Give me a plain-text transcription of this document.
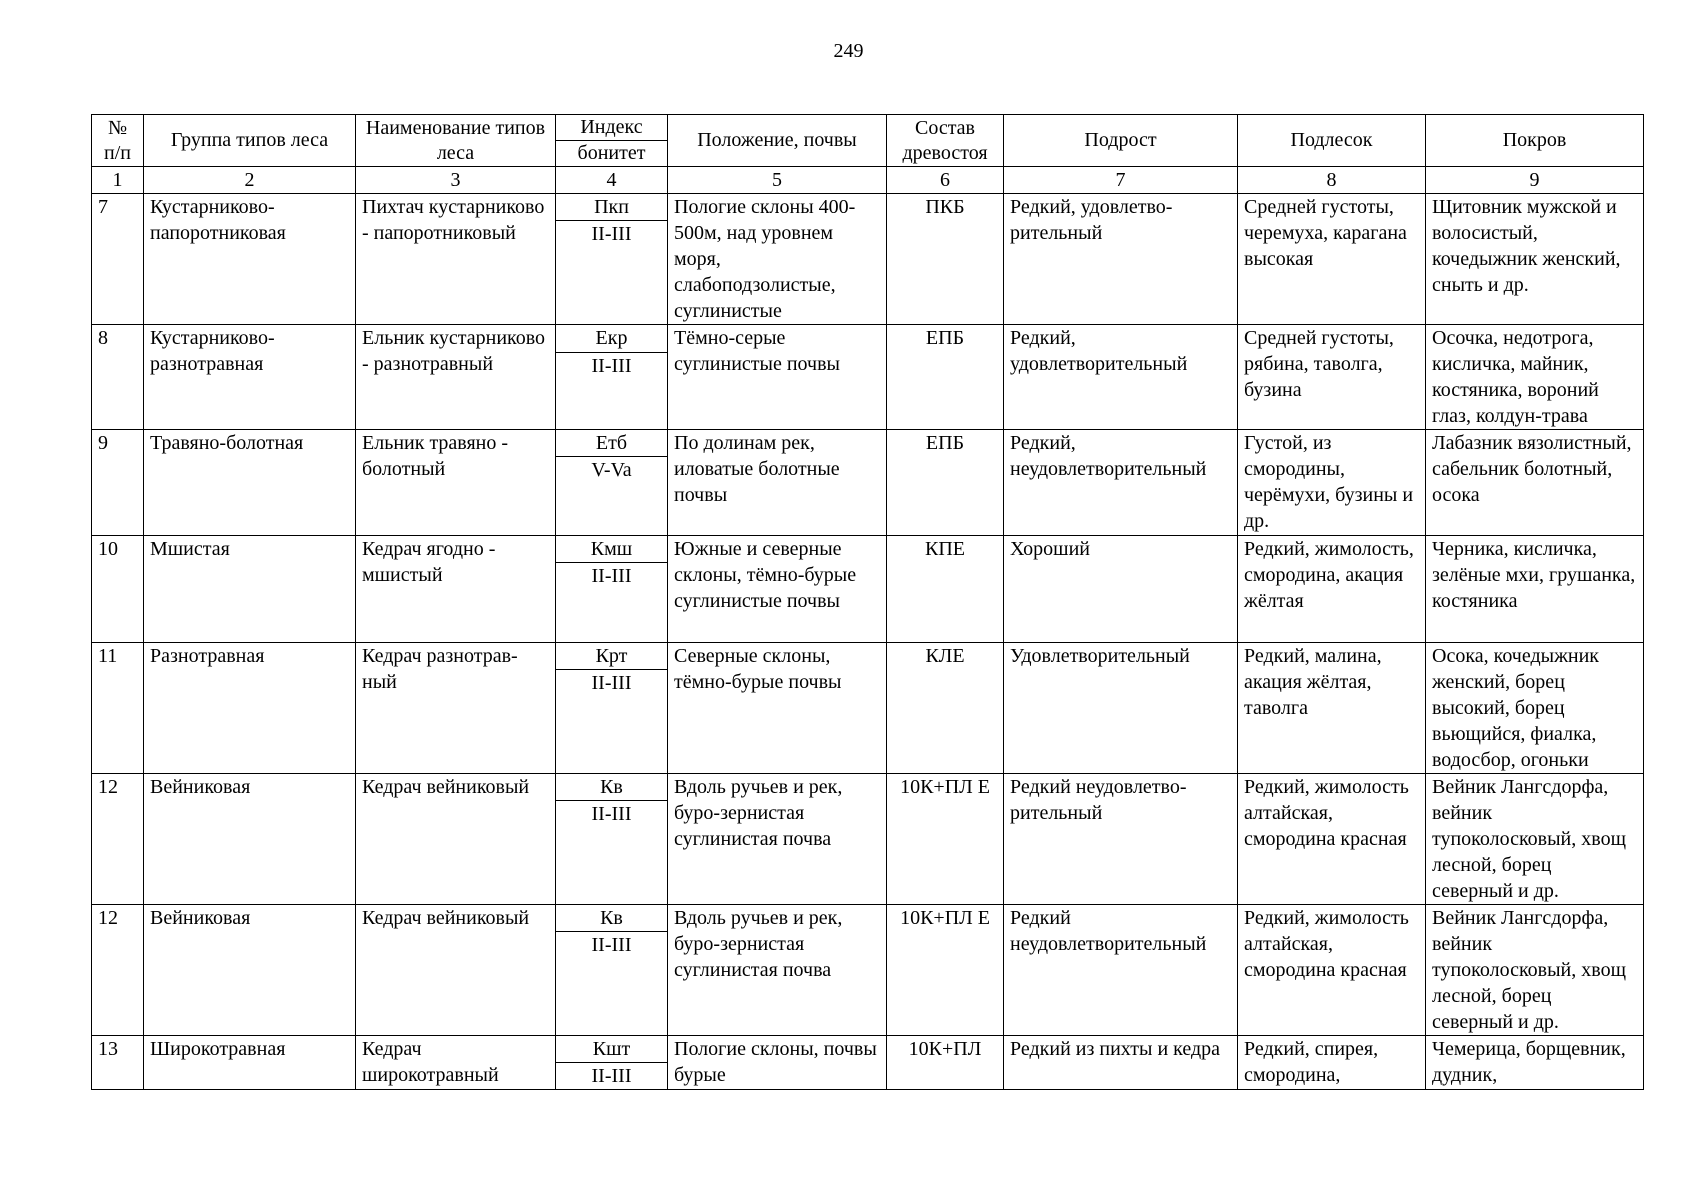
249
№ п/п	Группа типов леса	Наименование типов леса	Индекс	Положение, почвы	Состав древостоя	Подрост	Подлесок	Покров
			бонитет					
1	2	3	4	5	6	7	8	9
7	Кустарниково-папоротниковая	Пихтач кустарниково - папоротниковый	Пкп	Пологие склоны 400-500м, над уровнем моря, слабоподзолистые, суглинистые	ПКБ	Редкий, удовлетво-рительный	Средней густоты, черемуха, карагана высокая	Щитовник мужской и волосистый, кочедыжник женский, сныть и др.
			II-III					
8	Кустарниково-разнотравная	Ельник кустарниково - разнотравный	Екр	Тёмно-серые суглинистые почвы	ЕПБ	Редкий, удовлетворительный	Средней густоты, рябина, таволга, бузина	Осочка, недотрога, кисличка, майник, костяника, вороний глаз, колдун-трава
			II-III					
9	Травяно-болотная	Ельник травяно - болотный	Етб	По долинам рек, иловатые болотные почвы	ЕПБ	Редкий, неудовлетворительный	Густой, из смородины, черёмухи, бузины и др.	Лабазник вязолистный, сабельник болотный, осока
			V-Va					
10	Мшистая	Кедрач ягодно - мшистый	Кмш	Южные и северные склоны, тёмно-бурые суглинистые почвы	КПЕ	Хороший	Редкий, жимолость, смородина, акация жёлтая	Черника, кисличка, зелёные мхи, грушанка, костяника
			II-III					
11	Разнотравная	Кедрач разнотрав-ный	Крт	Северные склоны, тёмно-бурые почвы	КЛЕ	Удовлетворительный	Редкий, малина, акация жёлтая, таволга	Осока, кочедыжник женский, борец высокий, борец вьющийся, фиалка, водосбор, огоньки
			II-III					
12	Вейниковая	Кедрач вейниковый	Кв	Вдоль ручьев и рек, буро-зернистая суглинистая почва	10К+ПЛ Е	Редкий неудовлетво-рительный	Редкий, жимолость алтайская, смородина красная	Вейник Лангсдорфа, вейник тупоколосковый, хвощ лесной, борец северный и др.
			II-III					
12	Вейниковая	Кедрач вейниковый	Кв	Вдоль ручьев и рек, буро-зернистая суглинистая почва	10К+ПЛ Е	Редкий неудовлетворительный	Редкий, жимолость алтайская, смородина красная	Вейник Лангсдорфа, вейник тупоколосковый, хвощ лесной, борец северный и др.
			II-III					
13	Широкотравная	Кедрач широкотравный	Кшт	Пологие склоны, почвы бурые	10К+ПЛ	Редкий из пихты и кедра	Редкий, спирея, смородина,	Чемерица, борщевник, дудник,
			II-III					
